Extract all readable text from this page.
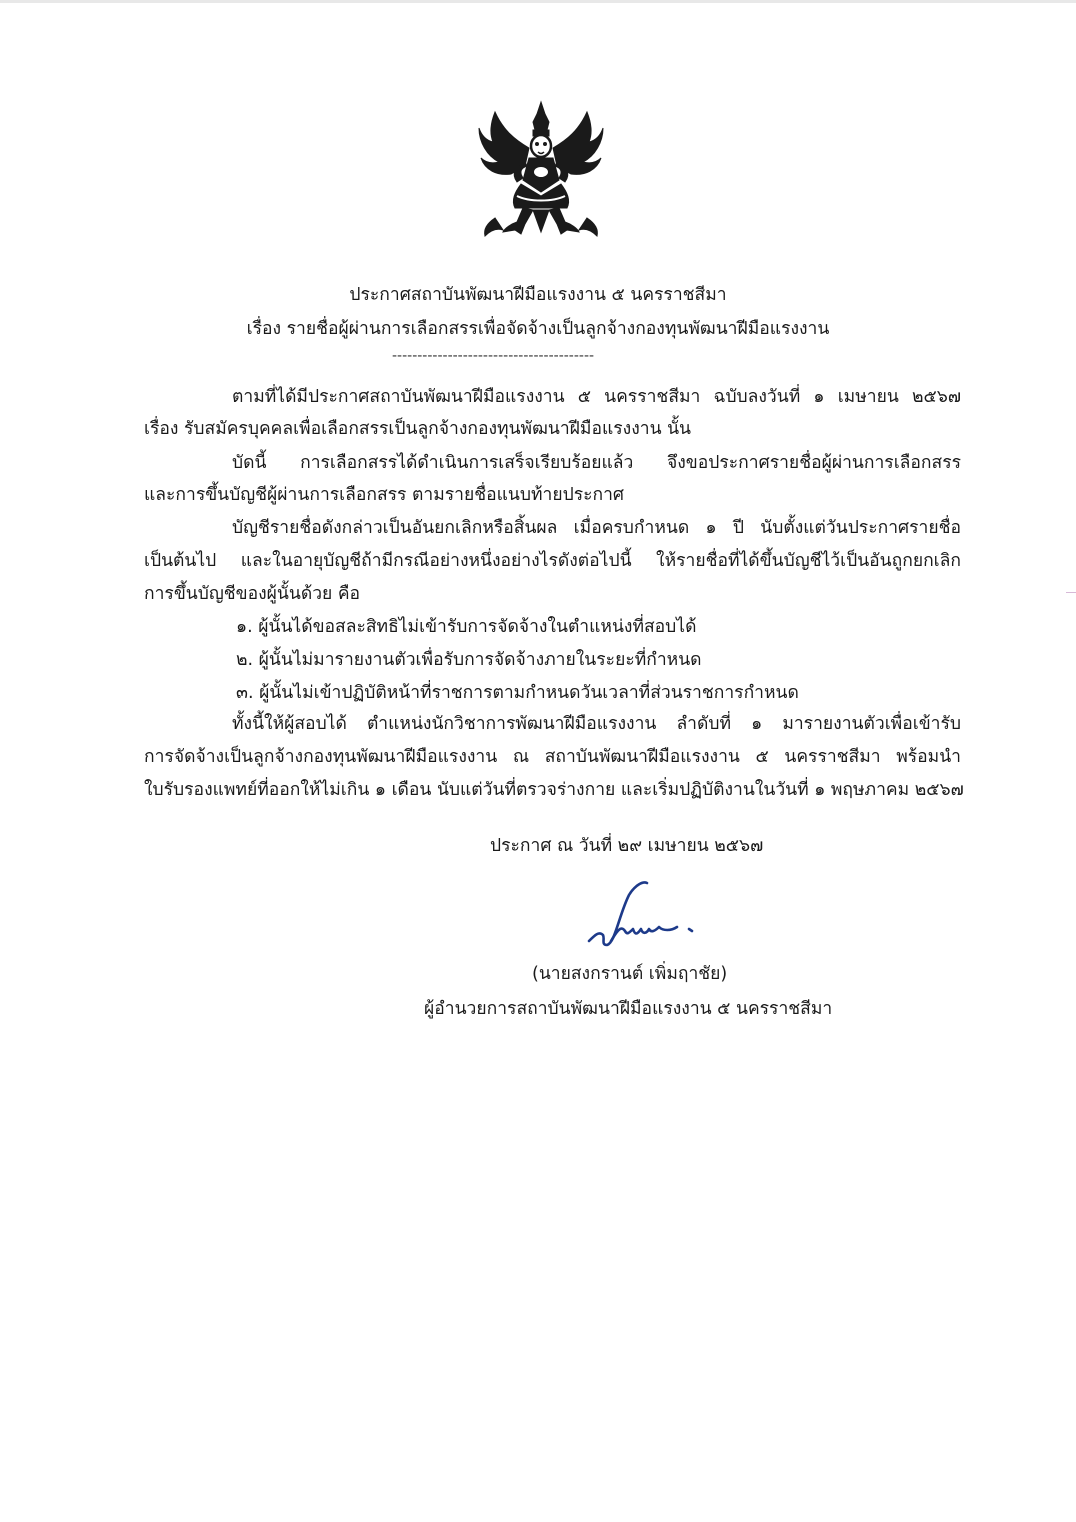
ประกาศสถาบันพัฒนาฝีมือแรงงาน ๕ นครราชสีมา
เรื่อง รายชื่อผู้ผ่านการเลือกสรรเพื่อจัดจ้างเป็นลูกจ้างกองทุนพัฒนาฝีมือแรงงาน
----------------------------------------
ตามที่ได้มีประกาศสถาบันพัฒนาฝีมือแรงงาน ๕ นครราชสีมา ฉบับลงวันที่ ๑ เมษายน ๒๕๖๗
เรื่อง รับสมัครบุคคลเพื่อเลือกสรรเป็นลูกจ้างกองทุนพัฒนาฝีมือแรงงาน นั้น
บัดนี้ การเลือกสรรได้ดำเนินการเสร็จเรียบร้อยแล้ว จึงขอประกาศรายชื่อผู้ผ่านการเลือกสรร
และการขึ้นบัญชีผู้ผ่านการเลือกสรร ตามรายชื่อแนบท้ายประกาศ
บัญชีรายชื่อดังกล่าวเป็นอันยกเลิกหรือสิ้นผล เมื่อครบกำหนด ๑ ปี นับตั้งแต่วันประกาศรายชื่อ
เป็นต้นไป และในอายุบัญชีถ้ามีกรณีอย่างหนึ่งอย่างไรดังต่อไปนี้ ให้รายชื่อที่ได้ขึ้นบัญชีไว้เป็นอันถูกยกเลิก
การขึ้นบัญชีของผู้นั้นด้วย คือ
๑. ผู้นั้นได้ขอสละสิทธิไม่เข้ารับการจัดจ้างในตำแหน่งที่สอบได้
๒. ผู้นั้นไม่มารายงานตัวเพื่อรับการจัดจ้างภายในระยะที่กำหนด
๓. ผู้นั้นไม่เข้าปฏิบัติหน้าที่ราชการตามกำหนดวันเวลาที่ส่วนราชการกำหนด
ทั้งนี้ให้ผู้สอบได้ ตำแหน่งนักวิชาการพัฒนาฝีมือแรงงาน ลำดับที่ ๑ มารายงานตัวเพื่อเข้ารับ
การจัดจ้างเป็นลูกจ้างกองทุนพัฒนาฝีมือแรงงาน ณ สถาบันพัฒนาฝีมือแรงงาน ๕ นครราชสีมา พร้อมนำ
ใบรับรองแพทย์ที่ออกให้ไม่เกิน ๑ เดือน นับแต่วันที่ตรวจร่างกาย และเริ่มปฏิบัติงานในวันที่ ๑ พฤษภาคม ๒๕๖๗
ประกาศ ณ วันที่ ๒๙ เมษายน ๒๕๖๗
(นายสงกรานต์ เพิ่มฤาชัย)
ผู้อำนวยการสถาบันพัฒนาฝีมือแรงงาน ๕ นครราชสีมา
